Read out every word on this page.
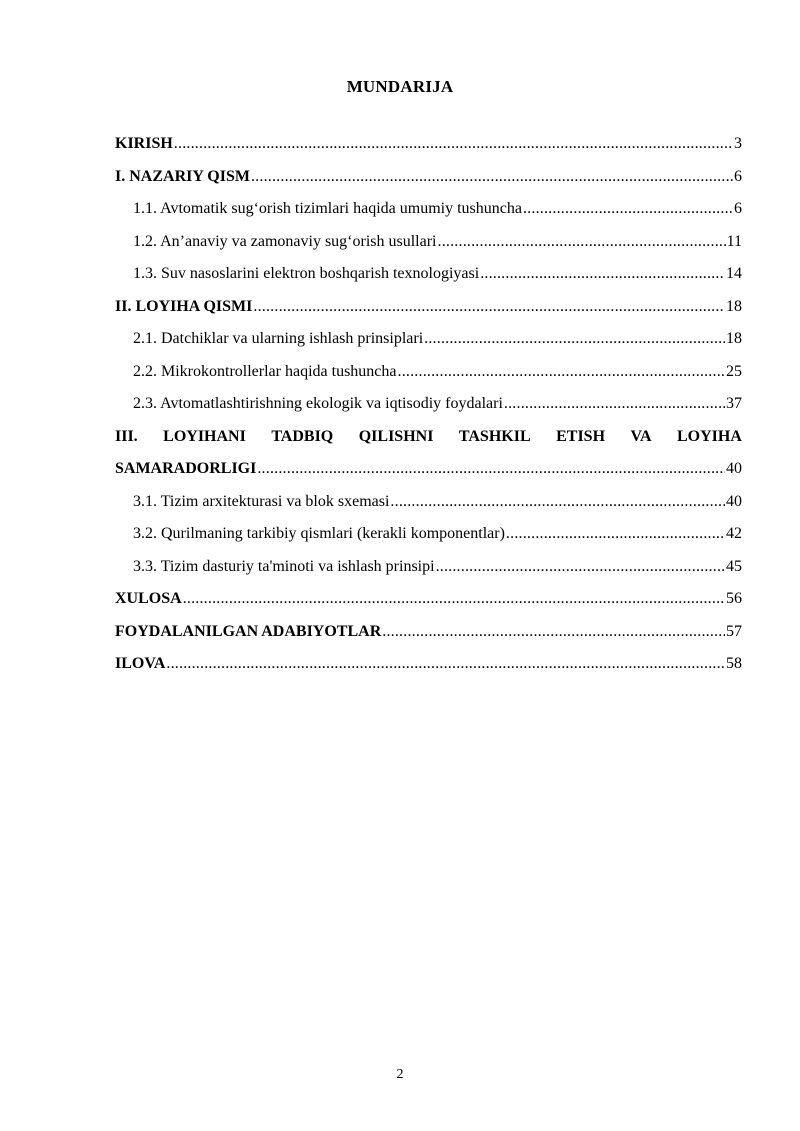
MUNDARIJA
KIRISH .....	3
I. NAZARIY QISM .....	6
1.1. Avtomatik sug‘orish tizimlari haqida umumiy tushuncha .....	6
1.2. An’anaviy va zamonaviy sug‘orish usullari .....	11
1.3. Suv nasoslarini elektron boshqarish texnologiyasi .....	14
II. LOYIHA QISMI .....	18
2.1. Datchiklar va ularning ishlash prinsiplari .....	18
2.2. Mikrokontrollerlar haqida tushuncha .....	25
2.3. Avtomatlashtirishning ekologik va iqtisodiy foydalari .....	37
III. LOYIHANI TADBIQ QILISHNI TASHKIL ETISH VA LOYIHA
SAMARADORLIGI .....	40
3.1. Tizim arxitekturasi va blok sxemasi .....	40
3.2. Qurilmaning tarkibiy qismlari (kerakli komponentlar) .....	42
3.3. Tizim dasturiy ta'minoti va ishlash prinsipi .....	45
XULOSA .....	56
FOYDALANILGAN ADABIYOTLAR .....	57
ILOVA .....	58
2
